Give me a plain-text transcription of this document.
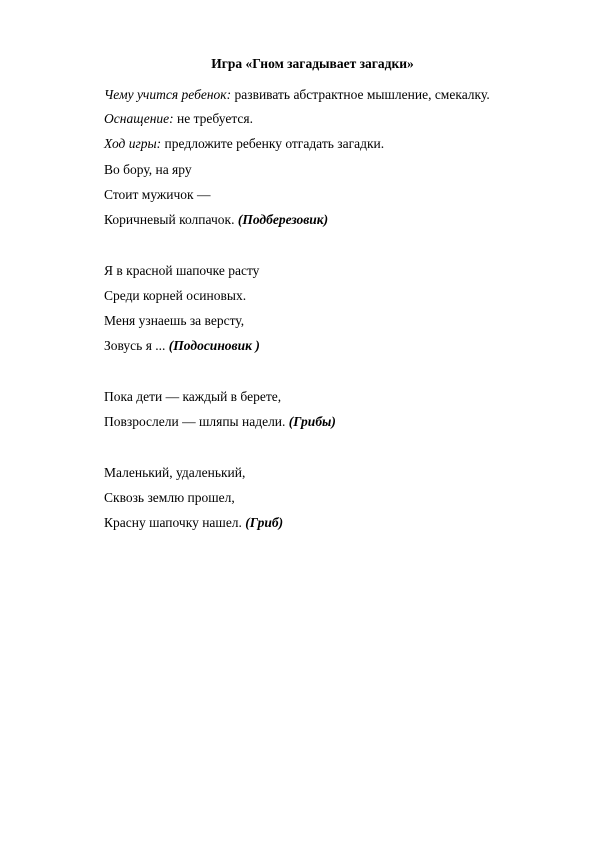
Игра «Гном загадывает загадки»
Чему учится ребенок: развивать абстрактное мышление, смекалку.
Оснащение: не требуется.
Ход игры: предложите ребенку отгадать загадки.
Во бору, на яру
Стоит мужичок —
Коричневый колпачок. (Подберезовик)
Я в красной шапочке расту
Среди корней осиновых.
Меня узнаешь за версту,
Зовусь я ... (Подосиновик )
Пока дети — каждый в берете,
Повзрослели — шляпы надели. (Грибы)
Маленький, удаленький,
Сквозь землю прошел,
Красну шапочку нашел. (Гриб)
